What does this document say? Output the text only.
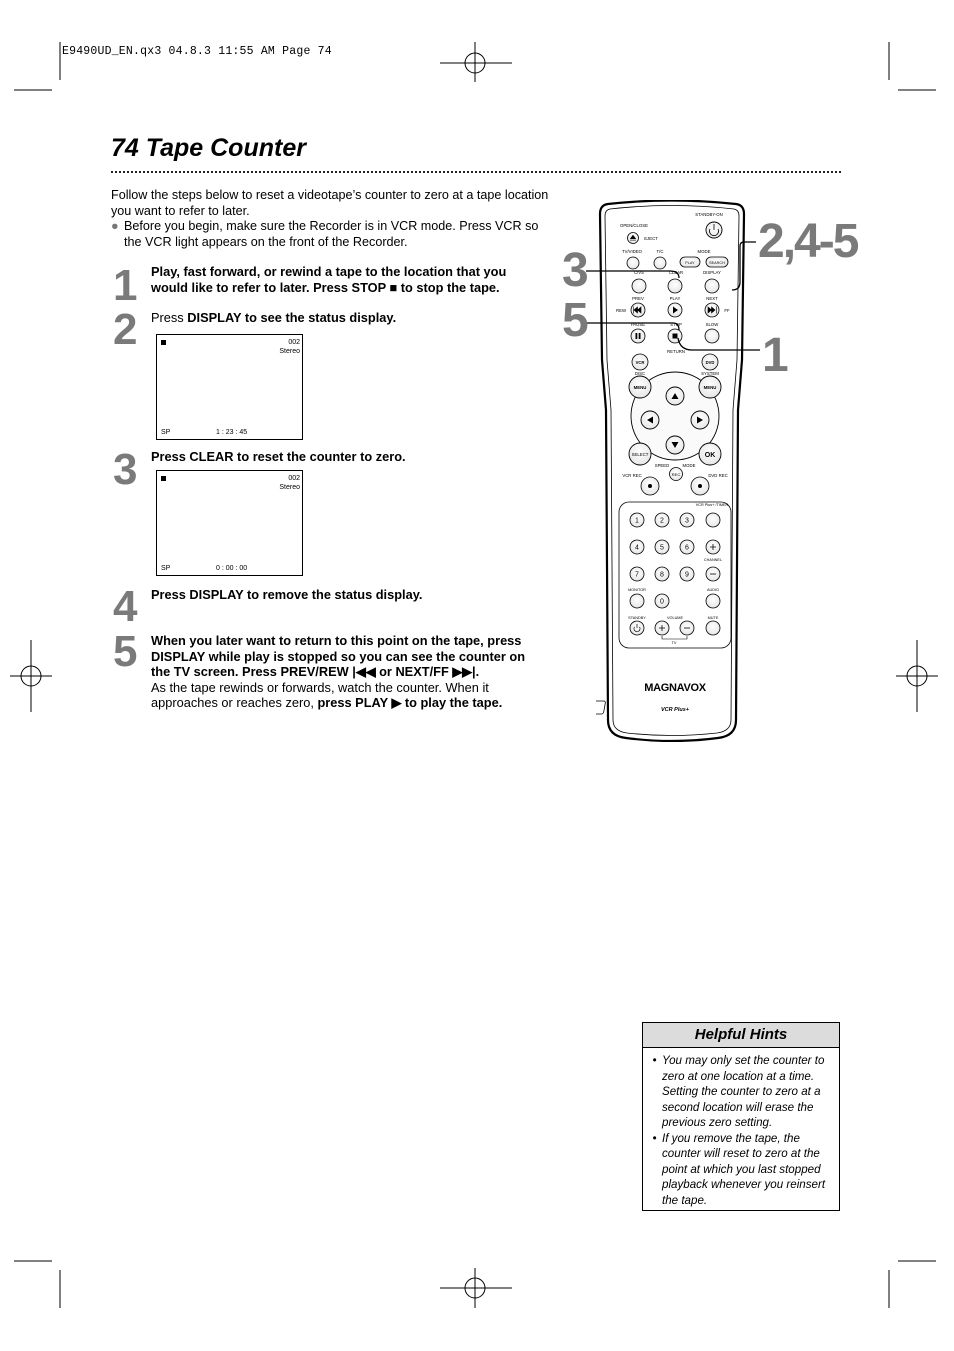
E9490UD_EN.qx3 04.8.3 11:55 AM Page 74
74 Tape Counter

Follow the steps below to reset a videotape’s counter to zero at a tape location you want to refer to later.

● Before you begin, make sure the Recorder is in VCR mode. Press VCR so the VCR light appears on the front of the Recorder.
1
2
3
4
5
Play, fast forward, or rewind a tape to the location that you would like to refer to later. Press STOP ■ to stop the tape.
Press DISPLAY to see the status display.
Press CLEAR to reset the counter to zero.
Press DISPLAY to remove the status display.
When you later want to return to this point on the tape, press DISPLAY while play is stopped so you can see the counter on the TV screen. Press PREV/REW |◀◀ or NEXT/FF ▶▶|.
As the tape rewinds or forwards, watch the counter. When it approaches or reaches zero, press PLAY ▶ to play the tape.
002
Stereo
SP	1 : 23 : 45
002
Stereo
SP	0 : 00 : 00
STANDBY-ON
OPEN/CLOSE
EJECT
TV/VIDEO	T/C	MODE
PLAY	SEARCH
C/VS	CLEAR	DISPLAY
PREV	PLAY	NEXT
REW	FF
PAUSE	STOP	SLOW
RETURN
VCR	DVD
DISC	SYSTEM
MENU	MENU
SELECT	OK
SPEED	MODE
VCR REC	DVD REC
REC
VCR Plus+ /TIMER
1	2	3
4	5	6
CHANNEL
7	8	9
MONITOR	AUDIO
0
STANDBY	VOLUME	MUTE
TV
MAGNAVOX
VCR Plus+
2,4-5
3
5
1
Helpful Hints
• You may only set the counter to zero at one location at a time. Setting the counter to zero at a second location will erase the previous zero setting.
• If you remove the tape, the counter will reset to zero at the point at which you last stopped playback whenever you reinsert the tape.
